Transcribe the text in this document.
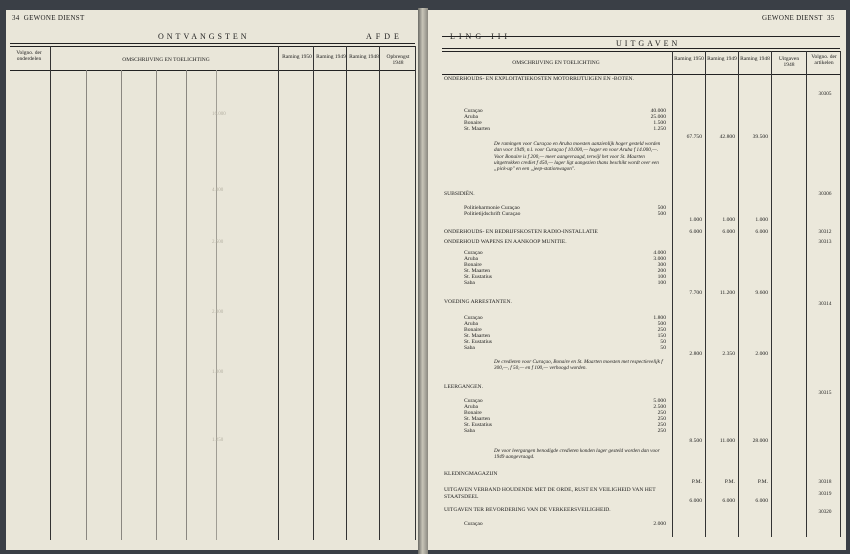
34 GEWONE DIENST
ONTVANGSTEN	AFDE
Volgno. der onderdelen	OMSCHRIJVING EN TOELICHTING	Raming 1950 Raming 1949 Raming 1948	Opbrengst 1948
16.000
4.000
2.500
2.000
1.000
1.250
GEWONE DIENST 35
UITGAVEN
OMSCHRIJVING EN TOELICHTING
Raming 1950 Raming 1949 Raming 1948	Uitgaven 1948
Volgno. der artikelen
ONDERHOUDS- EN EXPLOITATIEKOSTEN MOTORRIJTUIGEN EN -BOTEN.
30305
Curaçao	40.000
Aruba	25.000
Bonaire	1.500
St. Maarten	1.250
67.750	42.800	39.500
De ramingen voor Curaçao en Aruba moesten aanzienlijk hoger gesteld worden dan voor 1949, n.l. voor Curaçao f 10.000,— hoger en voor Aruba f 14.000,—. Voor Bonaire is f 200,— meer aangevraagd, terwijl het voor St. Maarten uitgetrokken crediet f 450,— lager ligt aangezien thans beschikt wordt over een „pick-up" en een „jeep-stationwagon".
SUBSIDIËN.	30306
Politieharmonie Curaçao	500
Politietijdschrift Curaçao	500
1.000	1.000	1.000
ONDERHOUDS- EN BEDRIJFSKOSTEN RADIO-INSTALLATIE	30312
6.000	6.000	6.000
ONDERHOUD WAPENS EN AANKOOP MUNITIE.	30313
Curaçao	4.000
Aruba	3.000
Bonaire	300
St. Maarten	200
St. Eustatius	100
Saba	100
7.700	11.200	9.600
VOEDING ARRESTANTEN.	30314
Curaçao	1.800
Aruba	500
Bonaire	250
St. Maarten	150
St. Eustatius	50
Saba	50
2.800	2.350	2.000
De credieten voor Curaçao, Bonaire en St. Maarten moesten met respectievelijk f 300,—, f 50,— en f 100,— verhoogd worden.
LEERGANGEN.
30315
Curaçao	5.000
Aruba	2.500
Bonaire	250
St. Maarten	250
St. Eustatius	250
Saba	250
8.500	11.000	28.000
De voor leergangen benodigde credieten konden lager gesteld worden dan voor 1949 aangevraagd.
KLEDINGMAGAZIJN
30318
P.M.	P.M.	P.M.
UITGAVEN VERBAND HOUDENDE MET DE ORDE, RUST EN VEILIGHEID VAN HET STAATSDEEL	30319
6.000	6.000	6.000
UITGAVEN TER BEVORDERING VAN DE VERKEERSVEILIGHEID.	30320
Curaçao	2.000
